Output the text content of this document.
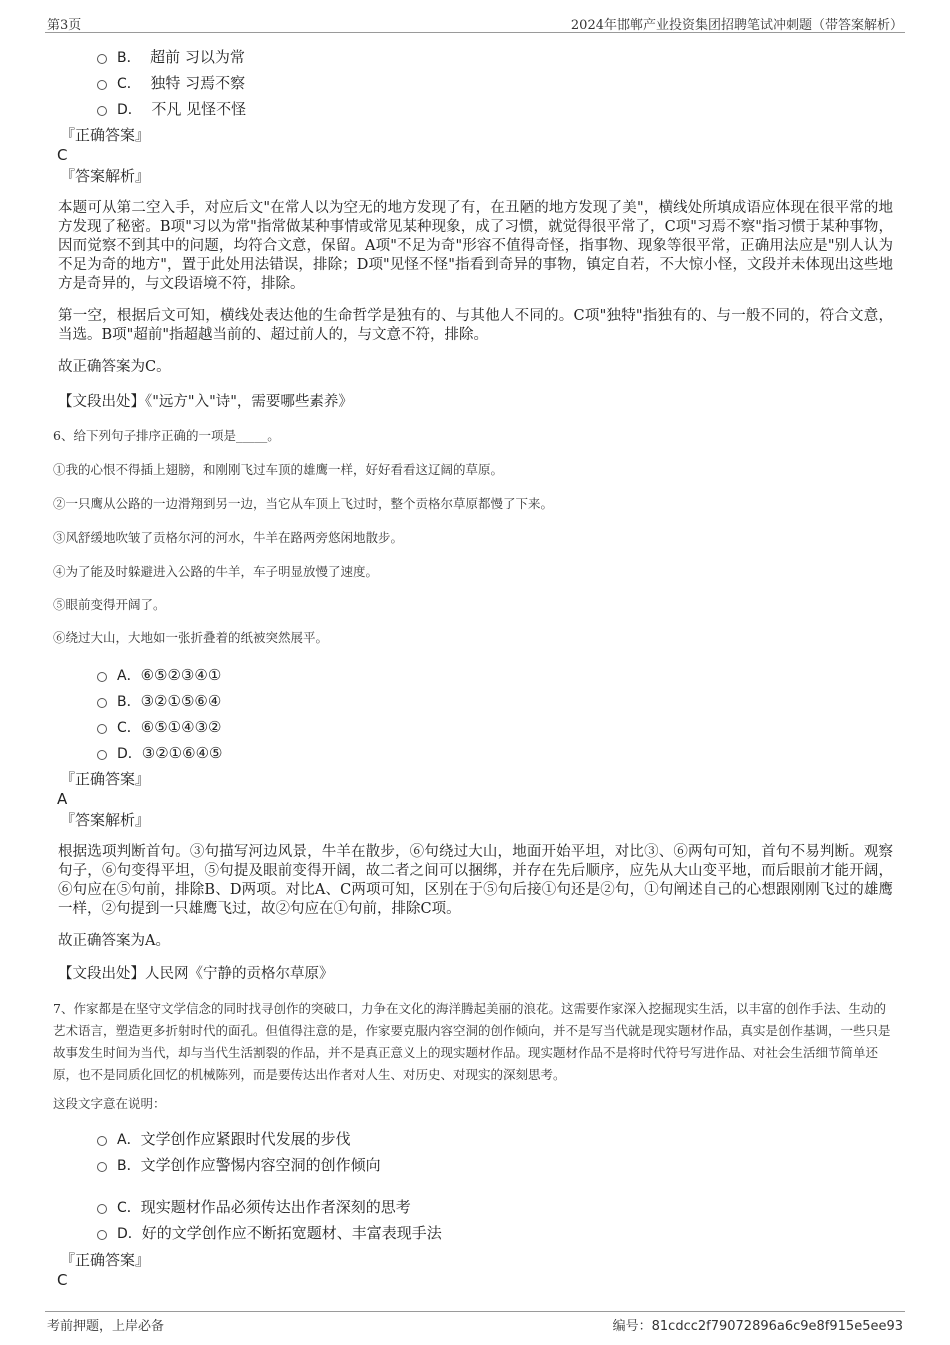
第3页	2024年邯郸产业投资集团招聘笔试冲刺题（带答案解析）
B． 超前 习以为常
C． 独特 习焉不察
D． 不凡 见怪不怪
『正确答案』
C
『答案解析』
本题可从第二空入手，对应后文"在常人以为空无的地方发现了有，在丑陋的地方发现了美"，横线处所填成语应体现在很平常的地方发现了秘密。B项"习以为常"指常做某种事情或常见某种现象，成了习惯，就觉得很平常了，C项"习焉不察"指习惯于某种事物，因而觉察不到其中的问题，均符合文意，保留。A项"不足为奇"形容不值得奇怪，指事物、现象等很平常，正确用法应是"别人认为不足为奇的地方"，置于此处用法错误，排除；D项"见怪不怪"指看到奇异的事物，镇定自若，不大惊小怪，文段并未体现出这些地方是奇异的，与文段语境不符，排除。
第一空，根据后文可知，横线处表达他的生命哲学是独有的、与其他人不同的。C项"独特"指独有的、与一般不同的，符合文意，当选。B项"超前"指超越当前的、超过前人的，与文意不符，排除。
故正确答案为C。
【文段出处】《"远方"入"诗"，需要哪些素养》
6、给下列句子排序正确的一项是_____。
①我的心恨不得插上翅膀，和刚刚飞过车顶的雄鹰一样，好好看看这辽阔的草原。
②一只鹰从公路的一边滑翔到另一边，当它从车顶上飞过时，整个贡格尔草原都慢了下来。
③风舒缓地吹皱了贡格尔河的河水，牛羊在路两旁悠闲地散步。
④为了能及时躲避进入公路的牛羊，车子明显放慢了速度。
⑤眼前变得开阔了。
⑥绕过大山，大地如一张折叠着的纸被突然展平。
A．⑥⑤②③④①
B．③②①⑤⑥④
C．⑥⑤①④③②
D．③②①⑥④⑤
『正确答案』
A
『答案解析』
根据选项判断首句。③句描写河边风景，牛羊在散步，⑥句绕过大山，地面开始平坦，对比③、⑥两句可知，首句不易判断。观察句子，⑥句变得平坦，⑤句提及眼前变得开阔，故二者之间可以捆绑，并存在先后顺序，应先从大山变平地，而后眼前才能开阔，⑥句应在⑤句前，排除B、D两项。对比A、C两项可知，区别在于⑤句后接①句还是②句，①句阐述自己的心想跟刚刚飞过的雄鹰一样，②句提到一只雄鹰飞过，故②句应在①句前，排除C项。
故正确答案为A。
【文段出处】人民网《宁静的贡格尔草原》
7、作家都是在坚守文学信念的同时找寻创作的突破口，力争在文化的海洋腾起美丽的浪花。这需要作家深入挖掘现实生活，以丰富的创作手法、生动的艺术语言，塑造更多折射时代的面孔。但值得注意的是，作家要克服内容空洞的创作倾向，并不是写当代就是现实题材作品，真实是创作基调，一些只是故事发生时间为当代，却与当代生活割裂的作品，并不是真正意义上的现实题材作品。现实题材作品不是将时代符号写进作品、对社会生活细节简单还原，也不是同质化回忆的机械陈列，而是要传达出作者对人生、对历史、对现实的深刻思考。
这段文字意在说明：
A．文学创作应紧跟时代发展的步伐
B．文学创作应警惕内容空洞的创作倾向
C．现实题材作品必须传达出作者深刻的思考
D．好的文学创作应不断拓宽题材、丰富表现手法
『正确答案』
C
考前押题，上岸必备	编号：81cdcc2f79072896a6c9e8f915e5ee93
